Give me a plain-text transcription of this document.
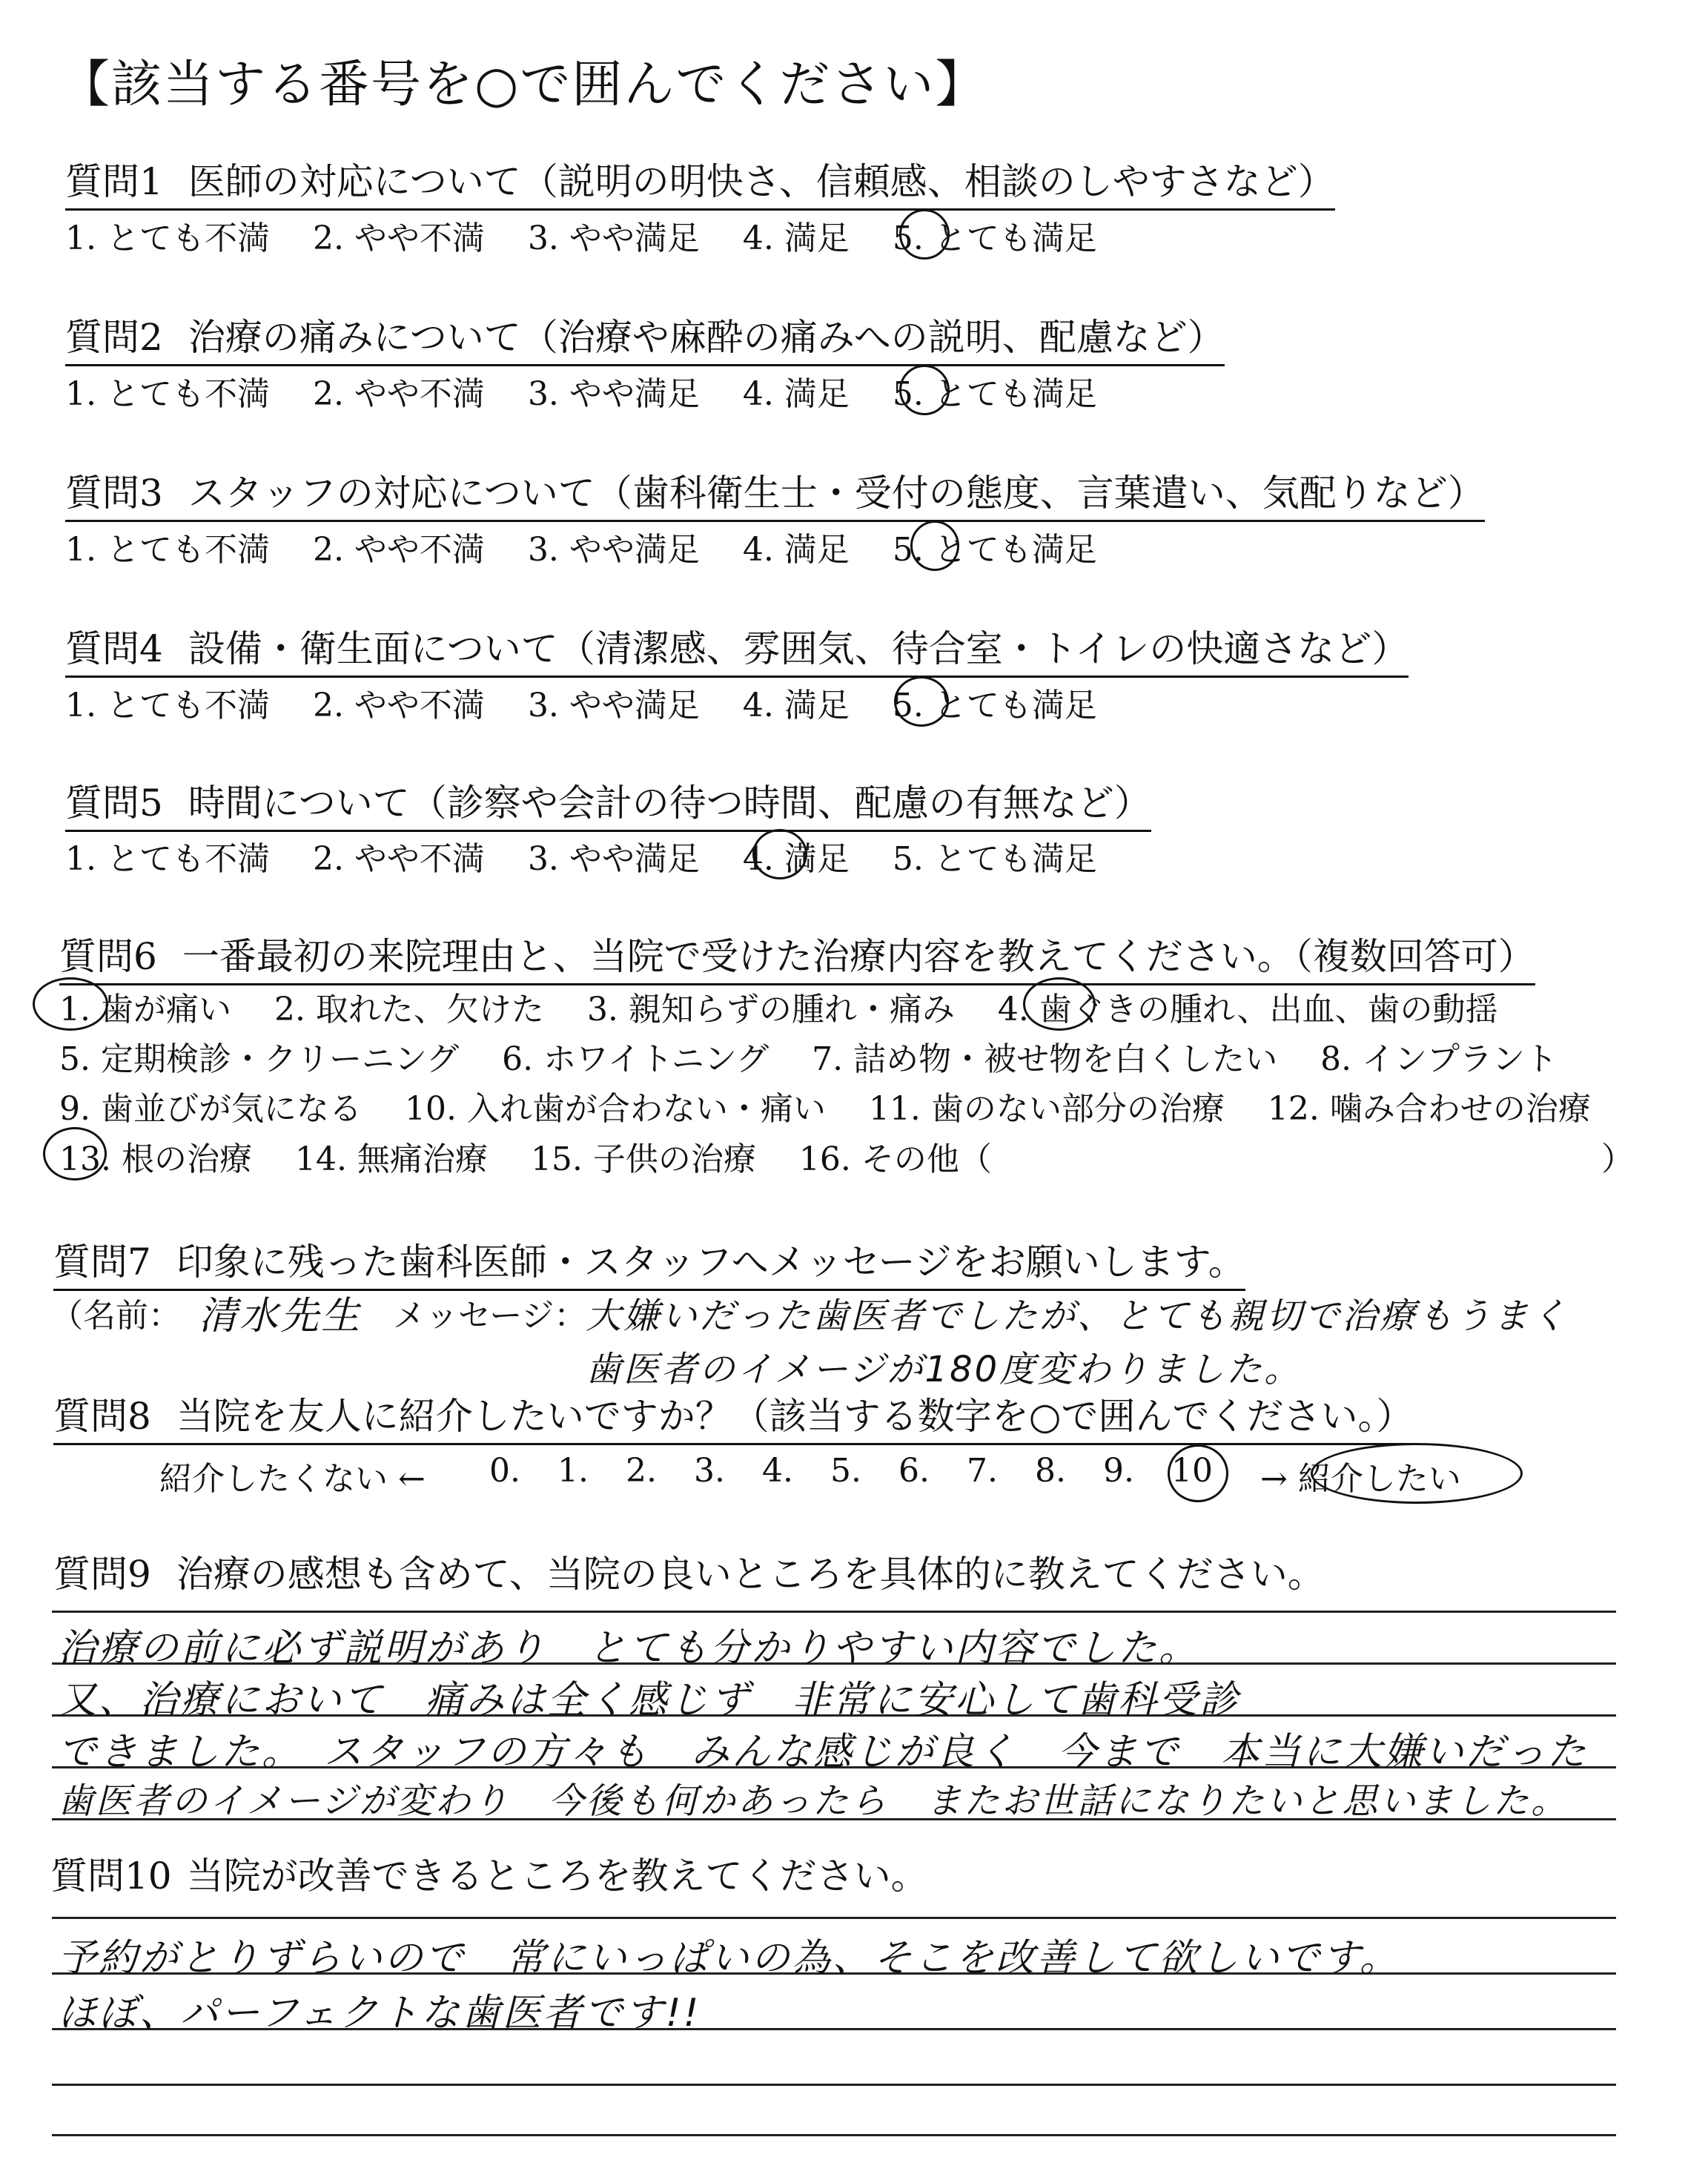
【該当する番号を○で囲んでください】
質問1 医師の対応について（説明の明快さ、信頼感、相談のしやすさなど）
1. とても不満 2. やや不満 3. やや満足 4. 満足 5. とても満足
質問2 治療の痛みについて（治療や麻酔の痛みへの説明、配慮など）
1. とても不満 2. やや不満 3. やや満足 4. 満足 5. とても満足
質問3 スタッフの対応について（歯科衛生士・受付の態度、言葉遣い、気配りなど）
1. とても不満 2. やや不満 3. やや満足 4. 満足 5. とても満足
質問4 設備・衛生面について（清潔感、雰囲気、待合室・トイレの快適さなど）
1. とても不満 2. やや不満 3. やや満足 4. 満足 5. とても満足
質問5 時間について（診察や会計の待つ時間、配慮の有無など）
1. とても不満 2. やや不満 3. やや満足 4. 満足 5. とても満足
質問6 一番最初の来院理由と、当院で受けた治療内容を教えてください。（複数回答可）
1. 歯が痛い 2. 取れた、欠けた 3. 親知らずの腫れ・痛み 4. 歯ぐきの腫れ、出血、歯の動揺
5. 定期検診・クリーニング 6. ホワイトニング 7. 詰め物・被せ物を白くしたい 8. インプラント
9. 歯並びが気になる 10. 入れ歯が合わない・痛い 11. 歯のない部分の治療 12. 噛み合わせの治療
13. 根の治療 14. 無痛治療 15. 子供の治療 16. その他（	）
質問7 印象に残った歯科医師・スタッフへメッセージをお願いします。
（名前： 清水先生 メッセージ：
大嫌いだった歯医者でしたが、とても親切で治療もうまく
歯医者のイメージが180度変わりました。
質問8 当院を友人に紹介したいですか？（該当する数字を○で囲んでください。）
紹介したくない ← 0. 1. 2. 3. 4. 5. 6. 7. 8. 9. 10	→ 紹介したい
質問9 治療の感想も含めて、当院の良いところを具体的に教えてください。
治療の前に必ず説明があり　とても分かりやすい内容でした。
又、治療において　痛みは全く感じず　非常に安心して歯科受診
できました。　スタッフの方々も　みんな感じが良く　今まで　本当に大嫌いだった
歯医者のイメージが変わり　今後も何かあったら　またお世話になりたいと思いました。
質問10 当院が改善できるところを教えてください。
予約がとりずらいので　常にいっぱいの為、そこを改善して欲しいです。
ほぼ、パーフェクトな歯医者です!!
